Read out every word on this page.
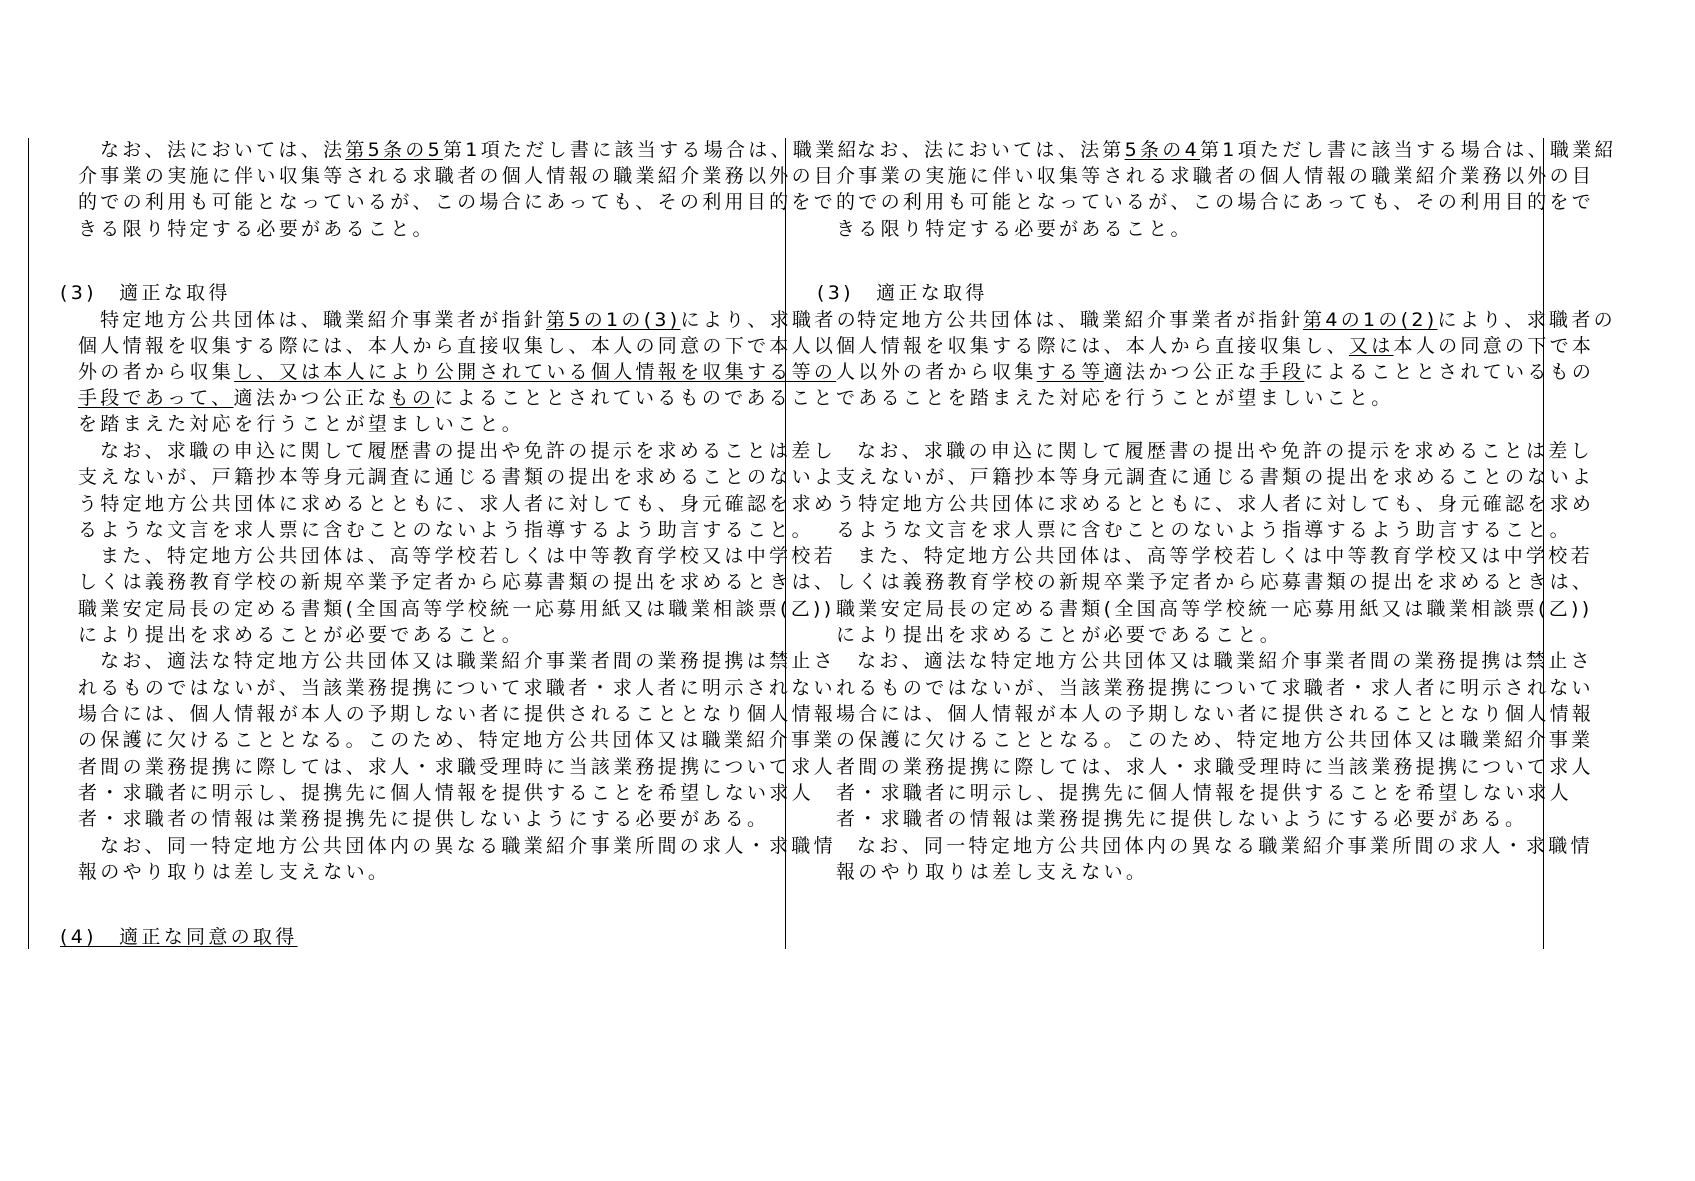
なお、法においては、法第5条の5第1項ただし書に該当する場合は、職業紹
介事業の実施に伴い収集等される求職者の個人情報の職業紹介業務以外の目
的での利用も可能となっているが、この場合にあっても、その利用目的をで
きる限り特定する必要があること。
(3)　適正な取得
特定地方公共団体は、職業紹介事業者が指針第5の1の(3)により、求職者の
個人情報を収集する際には、本人から直接収集し、本人の同意の下で本人以
外の者から収集し、又は本人により公開されている個人情報を収集する等の
手段であって、適法かつ公正なものによることとされているものであること
を踏まえた対応を行うことが望ましいこと。
なお、求職の申込に関して履歴書の提出や免許の提示を求めることは差し
支えないが、戸籍抄本等身元調査に通じる書類の提出を求めることのないよ
う特定地方公共団体に求めるとともに、求人者に対しても、身元確認を求め
るような文言を求人票に含むことのないよう指導するよう助言すること。
また、特定地方公共団体は、高等学校若しくは中等教育学校又は中学校若
しくは義務教育学校の新規卒業予定者から応募書類の提出を求めるときは、
職業安定局長の定める書類(全国高等学校統一応募用紙又は職業相談票(乙))
により提出を求めることが必要であること。
なお、適法な特定地方公共団体又は職業紹介事業者間の業務提携は禁止さ
れるものではないが、当該業務提携について求職者・求人者に明示されない
場合には、個人情報が本人の予期しない者に提供されることとなり個人情報
の保護に欠けることとなる。このため、特定地方公共団体又は職業紹介事業
者間の業務提携に際しては、求人・求職受理時に当該業務提携について求人
者・求職者に明示し、提携先に個人情報を提供することを希望しない求人
者・求職者の情報は業務提携先に提供しないようにする必要がある。
なお、同一特定地方公共団体内の異なる職業紹介事業所間の求人・求職情
報のやり取りは差し支えない。
(4)　適正な同意の取得
なお、法においては、法第5条の4第1項ただし書に該当する場合は、職業紹
介事業の実施に伴い収集等される求職者の個人情報の職業紹介業務以外の目
的での利用も可能となっているが、この場合にあっても、その利用目的をで
きる限り特定する必要があること。
(3)　適正な取得
特定地方公共団体は、職業紹介事業者が指針第4の1の(2)により、求職者の
個人情報を収集する際には、本人から直接収集し、又は本人の同意の下で本
人以外の者から収集する等適法かつ公正な手段によることとされているもの
であることを踏まえた対応を行うことが望ましいこと。
なお、求職の申込に関して履歴書の提出や免許の提示を求めることは差し
支えないが、戸籍抄本等身元調査に通じる書類の提出を求めることのないよ
う特定地方公共団体に求めるとともに、求人者に対しても、身元確認を求め
るような文言を求人票に含むことのないよう指導するよう助言すること。
また、特定地方公共団体は、高等学校若しくは中等教育学校又は中学校若
しくは義務教育学校の新規卒業予定者から応募書類の提出を求めるときは、
職業安定局長の定める書類(全国高等学校統一応募用紙又は職業相談票(乙))
により提出を求めることが必要であること。
なお、適法な特定地方公共団体又は職業紹介事業者間の業務提携は禁止さ
れるものではないが、当該業務提携について求職者・求人者に明示されない
場合には、個人情報が本人の予期しない者に提供されることとなり個人情報
の保護に欠けることとなる。このため、特定地方公共団体又は職業紹介事業
者間の業務提携に際しては、求人・求職受理時に当該業務提携について求人
者・求職者に明示し、提携先に個人情報を提供することを希望しない求人
者・求職者の情報は業務提携先に提供しないようにする必要がある。
なお、同一特定地方公共団体内の異なる職業紹介事業所間の求人・求職情
報のやり取りは差し支えない。
